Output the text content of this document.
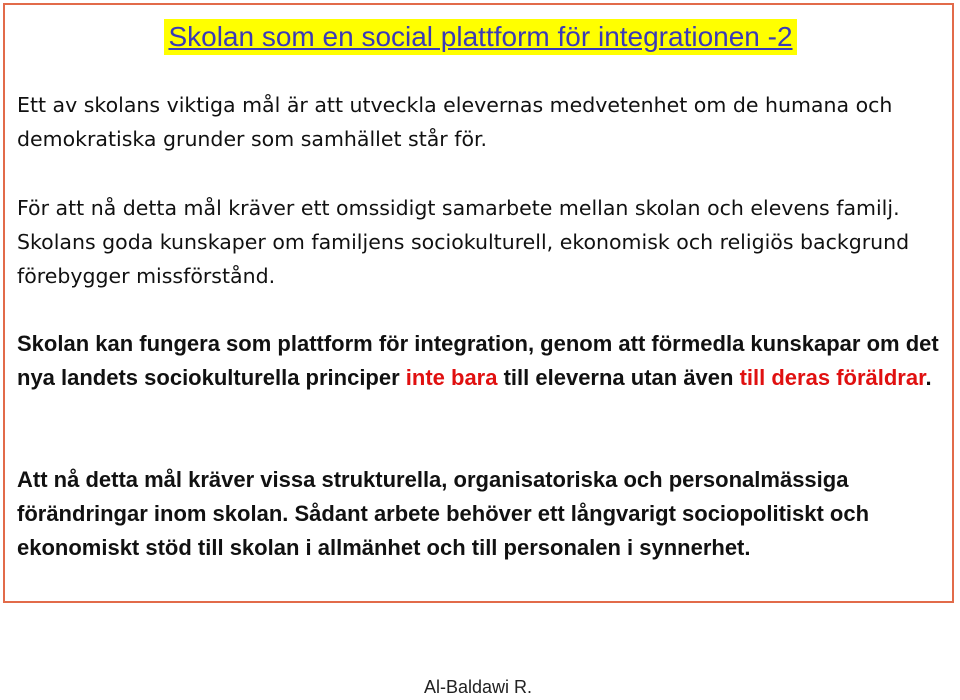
Skolan som en social plattform för integrationen -2

Ett av skolans viktiga mål är att utveckla elevernas medvetenhet om de humana och demokratiska grunder som samhället står för.

För att nå detta mål kräver ett omssidigt samarbete mellan skolan och elevens familj. Skolans goda kunskaper om familjens sociokulturell, ekonomisk och religiös backgrund förebygger missförstånd.

Skolan kan fungera som plattform för integration, genom att förmedla kunskapar om det nya landets sociokulturella principer inte bara till eleverna utan även till deras föräldrar.

Att nå detta mål kräver vissa strukturella, organisatoriska och personalmässiga förändringar inom skolan. Sådant arbete behöver ett långvarigt sociopolitiskt och ekonomiskt stöd till skolan i allmänhet och till personalen i synnerhet.

Al-Baldawi R.
